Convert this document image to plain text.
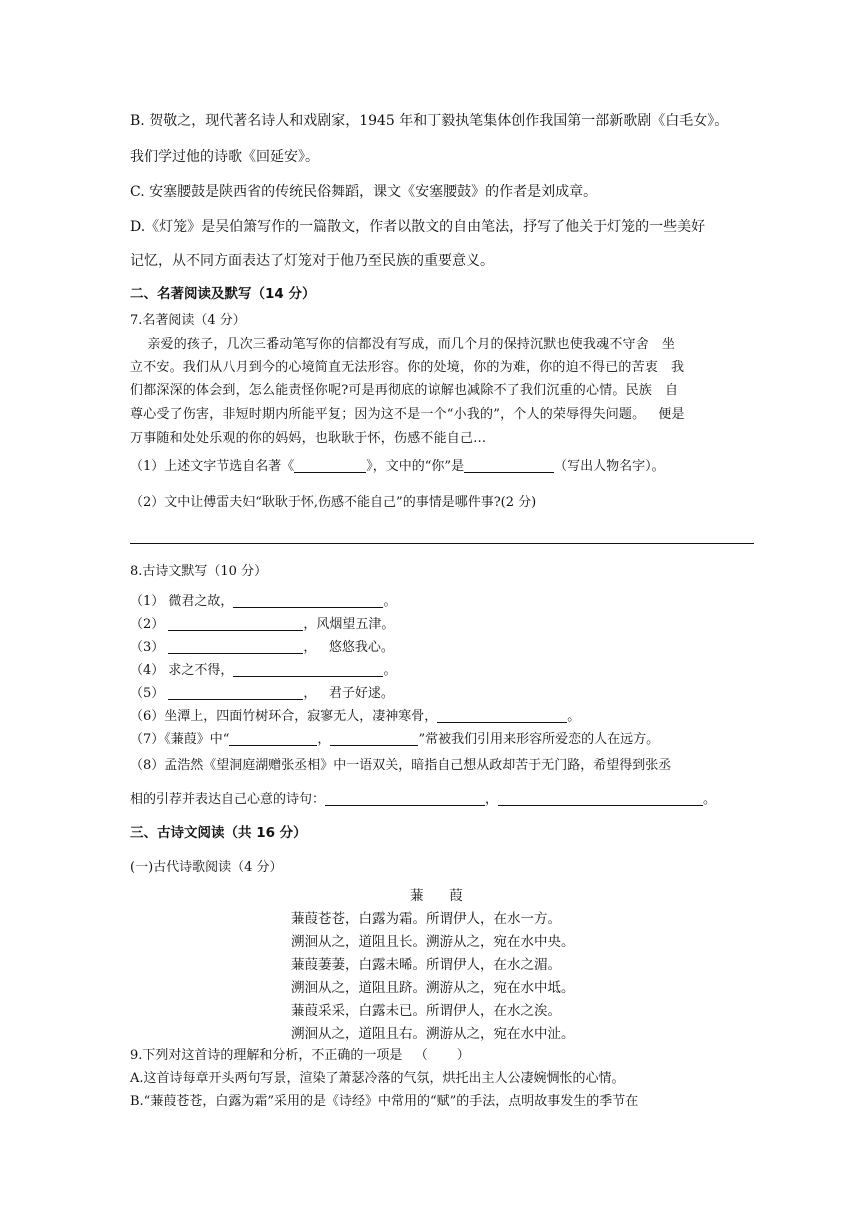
B. 贺敬之，现代著名诗人和戏剧家，1945 年和丁毅执笔集体创作我国第一部新歌剧《白毛女》。
我们学过他的诗歌《回延安》。
C. 安塞腰鼓是陕西省的传统民俗舞蹈，课文《安塞腰鼓》的作者是刘成章。
D.《灯笼》是吴伯箫写作的一篇散文，作者以散文的自由笔法，抒写了他关于灯笼的一些美好
记忆，从不同方面表达了灯笼对于他乃至民族的重要意义。
二、名著阅读及默写（14 分）
7.名著阅读（4 分）
亲爱的孩子，几次三番动笔写你的信都没有写成，而几个月的保持沉默也使我魂不守舍   坐
立不安。我们从八月到今的心境简直无法形容。你的处境，你的为难，你的迫不得已的苦衷   我
们都深深的体会到，怎么能责怪你呢?可是再彻底的谅解也减除不了我们沉重的心情。民族   自
尊心受了伤害，非短时期内所能平复；因为这不是一个“小我的”，个人的荣辱得失问题。   便是
万事随和处处乐观的你的妈妈，也耿耿于怀，伤感不能自己...
（1）上述文字节选自名著《	》，文中的“你”是	（写出人物名字）。
（2）文中让傅雷夫妇“耿耿于怀,伤感不能自己”的事情是哪件事?(2 分)
8.古诗文默写（10 分）
（1） 微君之故，	。
（2）	，风烟望五津。
（3）	，   悠悠我心。
（4） 求之不得，	。
（5）	，   君子好逑。
（6）坐潭上，四面竹树环合，寂寥无人，凄神寒骨，	。
（7）《蒹葭》中“	，	”常被我们引用来形容所爱恋的人在远方。
（8）孟浩然《望洞庭湖赠张丞相》中一语双关，暗指自己想从政却苦于无门路，希望得到张丞
相的引荐并表达自己心意的诗句：	，	。
三、古诗文阅读（共 16 分）
(一)古代诗歌阅读（4 分）
蒹      葭
蒹葭苍苍，白露为霜。所谓伊人，在水一方。
溯洄从之，道阻且长。溯游从之，宛在水中央。
蒹葭萋萋，白露未晞。所谓伊人，在水之湄。
溯洄从之，道阻且跻。溯游从之，宛在水中坻。
蒹葭采采，白露未已。所谓伊人，在水之涘。
溯洄从之，道阻且右。溯游从之，宛在水中沚。
9.下列对这首诗的理解和分析，不正确的一项是   （       ）
A.这首诗每章开头两句写景，渲染了萧瑟冷落的气氛，烘托出主人公凄婉惆怅的心情。
B.“蒹葭苍苍，白露为霜”采用的是《诗经》中常用的“赋”的手法，点明故事发生的季节在
